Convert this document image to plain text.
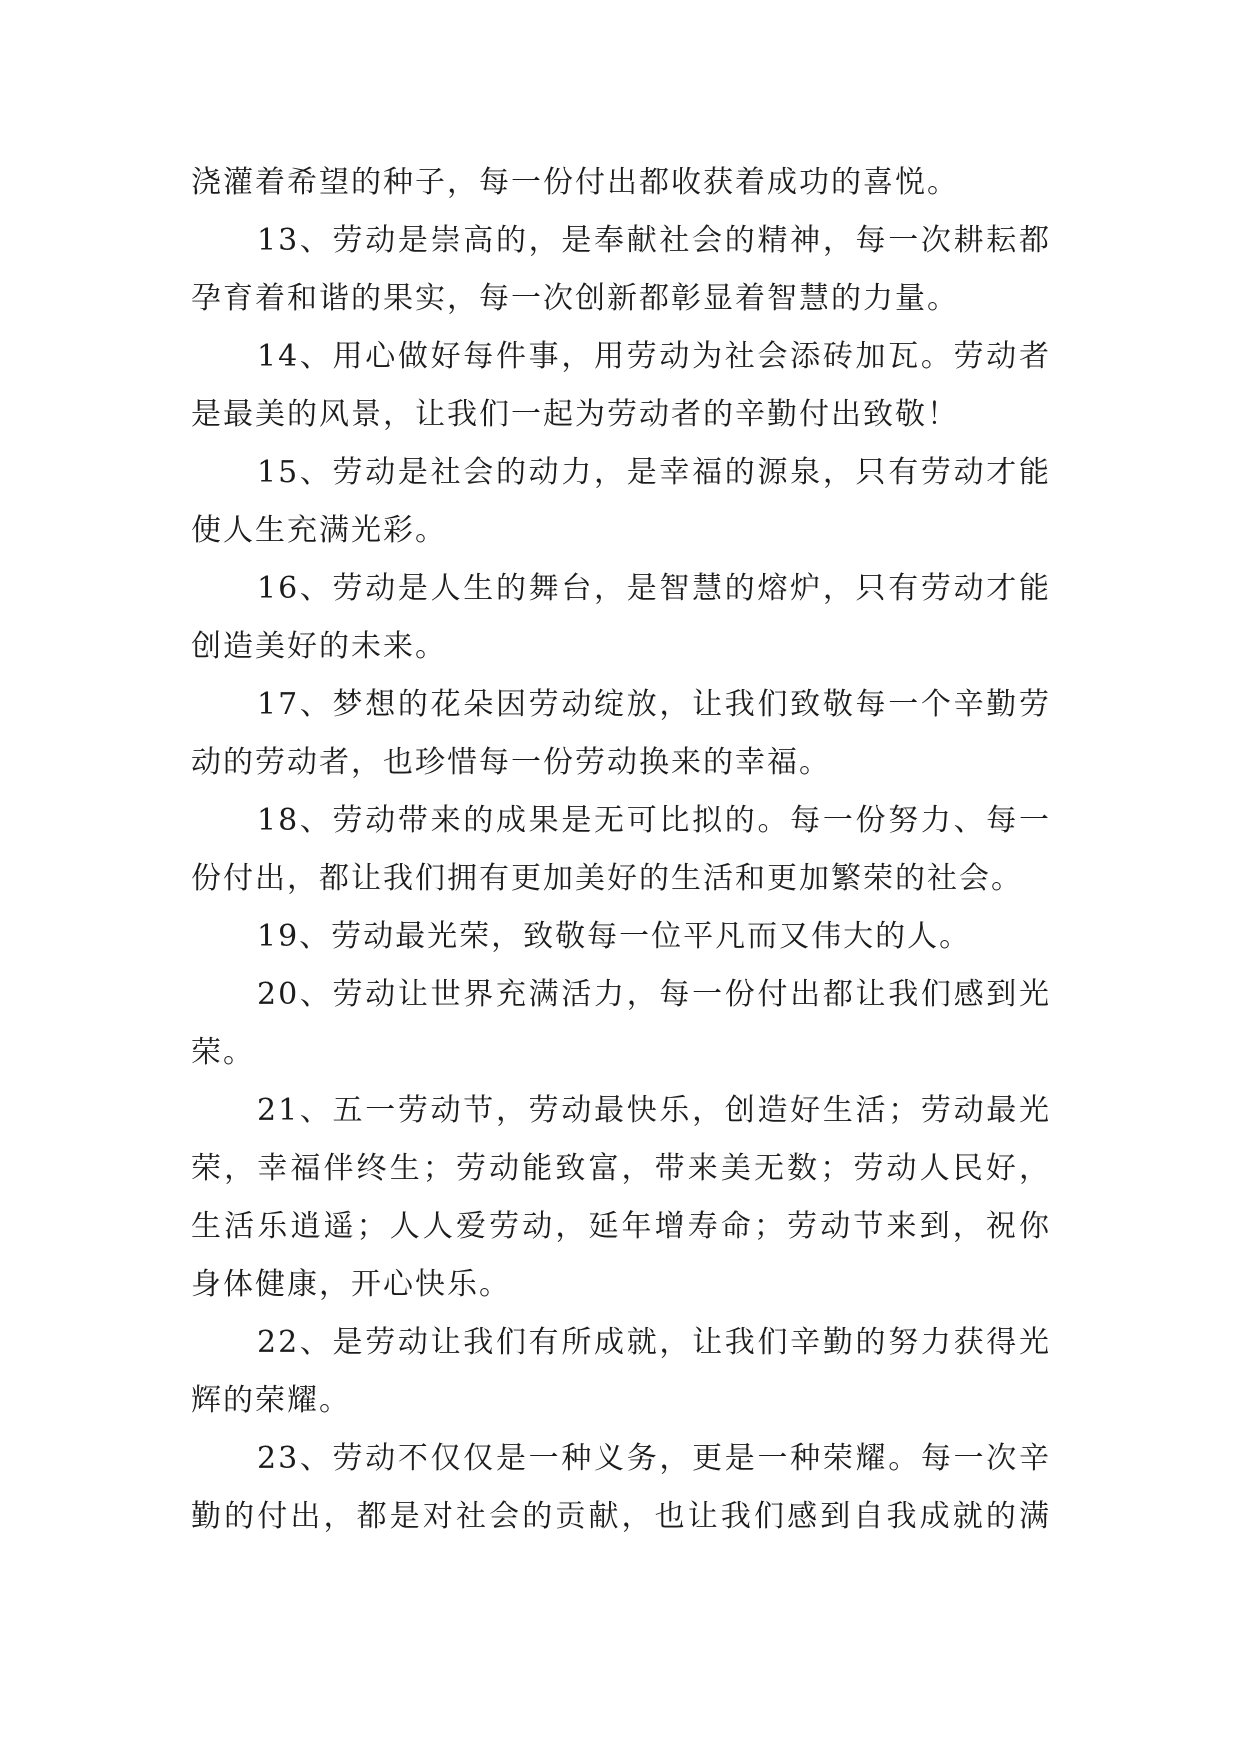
浇灌着希望的种子，每一份付出都收获着成功的喜悦。
13、劳动是崇高的，是奉献社会的精神，每一次耕耘都
孕育着和谐的果实，每一次创新都彰显着智慧的力量。
14、用心做好每件事，用劳动为社会添砖加瓦。劳动者
是最美的风景，让我们一起为劳动者的辛勤付出致敬！
15、劳动是社会的动力，是幸福的源泉，只有劳动才能
使人生充满光彩。
16、劳动是人生的舞台，是智慧的熔炉，只有劳动才能
创造美好的未来。
17、梦想的花朵因劳动绽放，让我们致敬每一个辛勤劳
动的劳动者，也珍惜每一份劳动换来的幸福。
18、劳动带来的成果是无可比拟的。每一份努力、每一
份付出，都让我们拥有更加美好的生活和更加繁荣的社会。
19、劳动最光荣，致敬每一位平凡而又伟大的人。
20、劳动让世界充满活力，每一份付出都让我们感到光
荣。
21、五一劳动节，劳动最快乐，创造好生活；劳动最光
荣，幸福伴终生；劳动能致富，带来美无数；劳动人民好，
生活乐逍遥；人人爱劳动，延年增寿命；劳动节来到，祝你
身体健康，开心快乐。
22、是劳动让我们有所成就，让我们辛勤的努力获得光
辉的荣耀。
23、劳动不仅仅是一种义务，更是一种荣耀。每一次辛
勤的付出，都是对社会的贡献，也让我们感到自我成就的满
